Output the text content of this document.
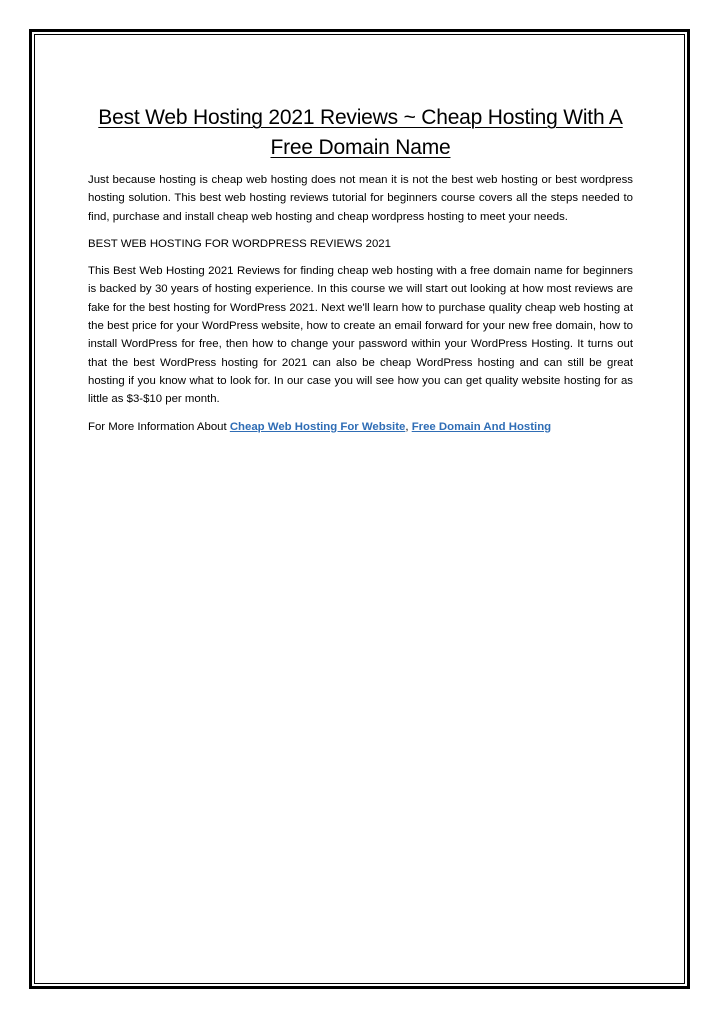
Best Web Hosting 2021 Reviews ~ Cheap Hosting With A Free Domain Name

Just because hosting is cheap web hosting does not mean it is not the best web hosting or best wordpress hosting solution. This best web hosting reviews tutorial for beginners course covers all the steps needed to find, purchase and install cheap web hosting and cheap wordpress hosting to meet your needs.

BEST WEB HOSTING FOR WORDPRESS REVIEWS 2021

This Best Web Hosting 2021 Reviews for finding cheap web hosting with a free domain name for beginners is backed by 30 years of hosting experience. In this course we will start out looking at how most reviews are fake for the best hosting for WordPress 2021. Next we'll learn how to purchase quality cheap web hosting at the best price for your WordPress website, how to create an email forward for your new free domain, how to install WordPress for free, then how to change your password within your WordPress Hosting. It turns out that the best WordPress hosting for 2021 can also be cheap WordPress hosting and can still be great hosting if you know what to look for. In our case you will see how you can get quality website hosting for as little as $3-$10 per month.

For More Information About Cheap Web Hosting For Website, Free Domain And Hosting
